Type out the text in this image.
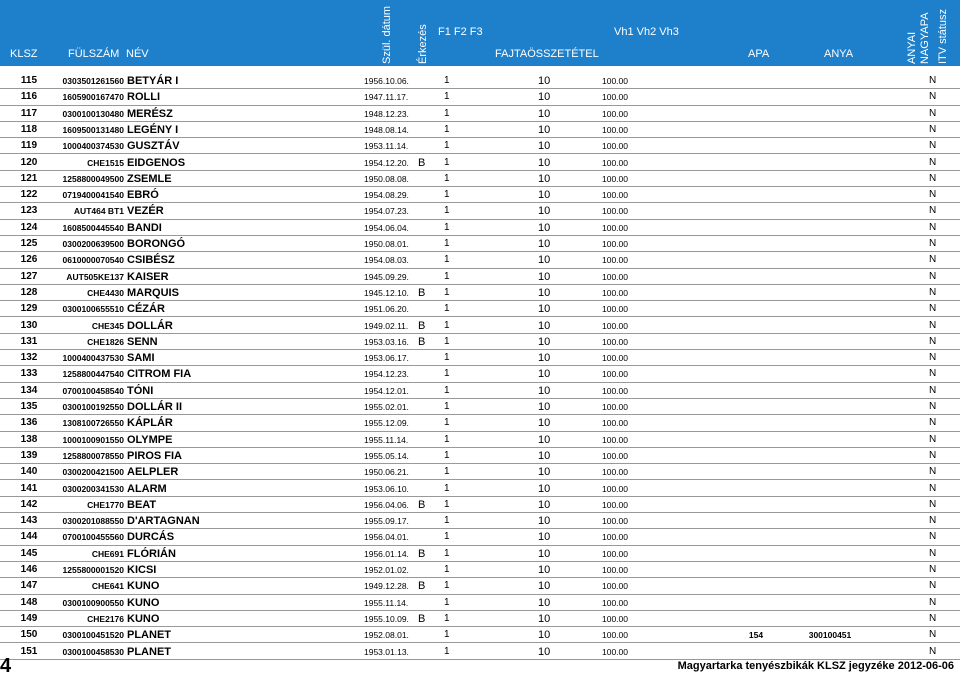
KLSZ	FÜLSZÁM NÉV	Szül. dátum Érkezés F1 F2 F3	Vh1 Vh2 Vh3
FAJTAÖSSZETÉTEL	APA	ANYA	ANYAI NAGYAPA ITV státusz
115	0303501261560 BETYÁR I	1956.10.06.	1	10	100.00	N
116	1605900167470 ROLLI	1947.11.17.	1	10	100.00	N
117	0300100130480 MERÉSZ	1948.12.23.	1	10	100.00	N
118	1609500131480 LEGÉNY I	1948.08.14.	1	10	100.00	N
119	1000400374530 GUSZTÁV	1953.11.14.	1	10	100.00	N
120	CHE1515 EIDGENOS	1954.12.20. B 1	10	100.00	N
121	1258800049500 ZSEMLE	1950.08.08.	1	10	100.00	N
122	0719400041540 EBRÓ	1954.08.29.	1	10	100.00	N
123	AUT464 BT1 VEZÉR	1954.07.23.	1	10	100.00	N
124	1608500445540 BANDI	1954.06.04.	1	10	100.00	N
125	0300200639500 BORONGÓ	1950.08.01.	1	10	100.00	N
126	0610000070540 CSIBÉSZ	1954.08.03.	1	10	100.00	N
127	AUT505KE137 KAISER	1945.09.29.	1	10	100.00	N
128	CHE4430 MARQUIS	1945.12.10. B 1	10	100.00	N
129	0300100655510 CÉZÁR	1951.06.20.	1	10	100.00	N
130	CHE345 DOLLÁR	1949.02.11. B 1	10	100.00	N
131	CHE1826 SENN	1953.03.16. B 1	10	100.00	N
132	1000400437530 SAMI	1953.06.17.	1	10	100.00	N
133	1258800447540 CITROM FIA	1954.12.23.	1	10	100.00	N
134	0700100458540 TÓNI	1954.12.01.	1	10	100.00	N
135	0300100192550 DOLLÁR II	1955.02.01.	1	10	100.00	N
136	1308100726550 KÁPLÁR	1955.12.09.	1	10	100.00	N
138	1000100901550 OLYMPE	1955.11.14.	1	10	100.00	N
139	1258800078550 PIROS FIA	1955.05.14.	1	10	100.00	N
140	0300200421500 AELPLER	1950.06.21.	1	10	100.00	N
141	0300200341530 ALARM	1953.06.10.	1	10	100.00	N
142	CHE1770 BEAT	1956.04.06. B 1	10	100.00	N
143	0300201088550 D'ARTAGNAN	1955.09.17.	1	10	100.00	N
144	0700100455560 DURCÁS	1956.04.01.	1	10	100.00	N
145	CHE691 FLÓRIÁN	1956.01.14. B 1	10	100.00	N
146	1255800001520 KICSI	1952.01.02.	1	10	100.00	N
147	CHE641 KUNO	1949.12.28. B 1	10	100.00	N
148	0300100900550 KUNO	1955.11.14.	1	10	100.00	N
149	CHE2176 KUNO	1955.10.09. B 1	10	100.00	N
150	0300100451520 PLANET	1952.08.01.	1	10	100.00	154	300100451	N
151	0300100458530 PLANET	1953.01.13.	1	10	100.00	N
4	Magyartarka tenyészbikák KLSZ jegyzéke 2012-06-06
